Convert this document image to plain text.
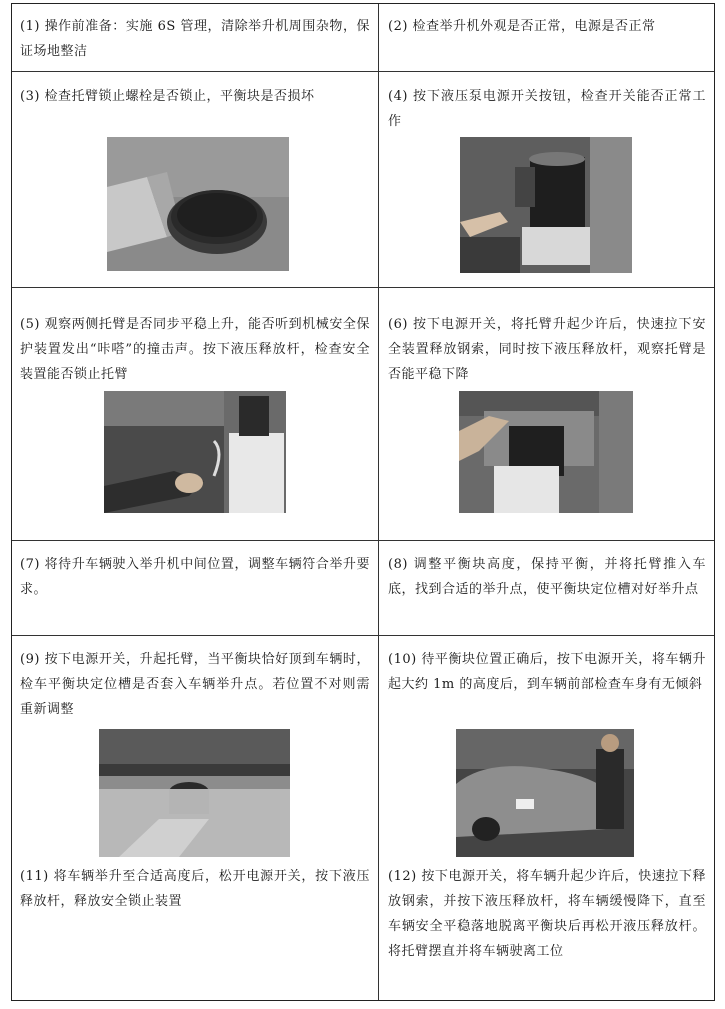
(1) 操作前准备：实施 6S 管理，清除举升机周围杂物，保证场地整洁
(2) 检查举升机外观是否正常，电源是否正常
(3) 检查托臂锁止螺栓是否锁止，平衡块是否损坏	(4) 按下液压泵电源开关按钮，检查开关能否正常工作
(5) 观察两侧托臂是否同步平稳上升，能否听到机械安全保护装置发出“咔嗒”的撞击声。按下液压释放杆，检查安全装置能否锁止托臂
(6) 按下电源开关，将托臂升起少许后，快速拉下安全装置释放钢索，同时按下液压释放杆，观察托臂是否能平稳下降
(7) 将待升车辆驶入举升机中间位置，调整车辆符合举升要求。
(8) 调整平衡块高度，保持平衡，并将托臂推入车底，找到合适的举升点，使平衡块定位槽对好举升点
(9) 按下电源开关，升起托臂，当平衡块恰好顶到车辆时，检车平衡块定位槽是否套入车辆举升点。若位置不对则需重新调整
(10) 待平衡块位置正确后，按下电源开关，将车辆升起大约 1m 的高度后，到车辆前部检查车身有无倾斜
(11) 将车辆举升至合适高度后，松开电源开关，按下液压释放杆，释放安全锁止装置
(12) 按下电源开关，将车辆升起少许后，快速拉下释放钢索，并按下液压释放杆，将车辆缓慢降下，直至车辆安全平稳落地脱离平衡块后再松开液压释放杆。将托臂摆直并将车辆驶离工位
